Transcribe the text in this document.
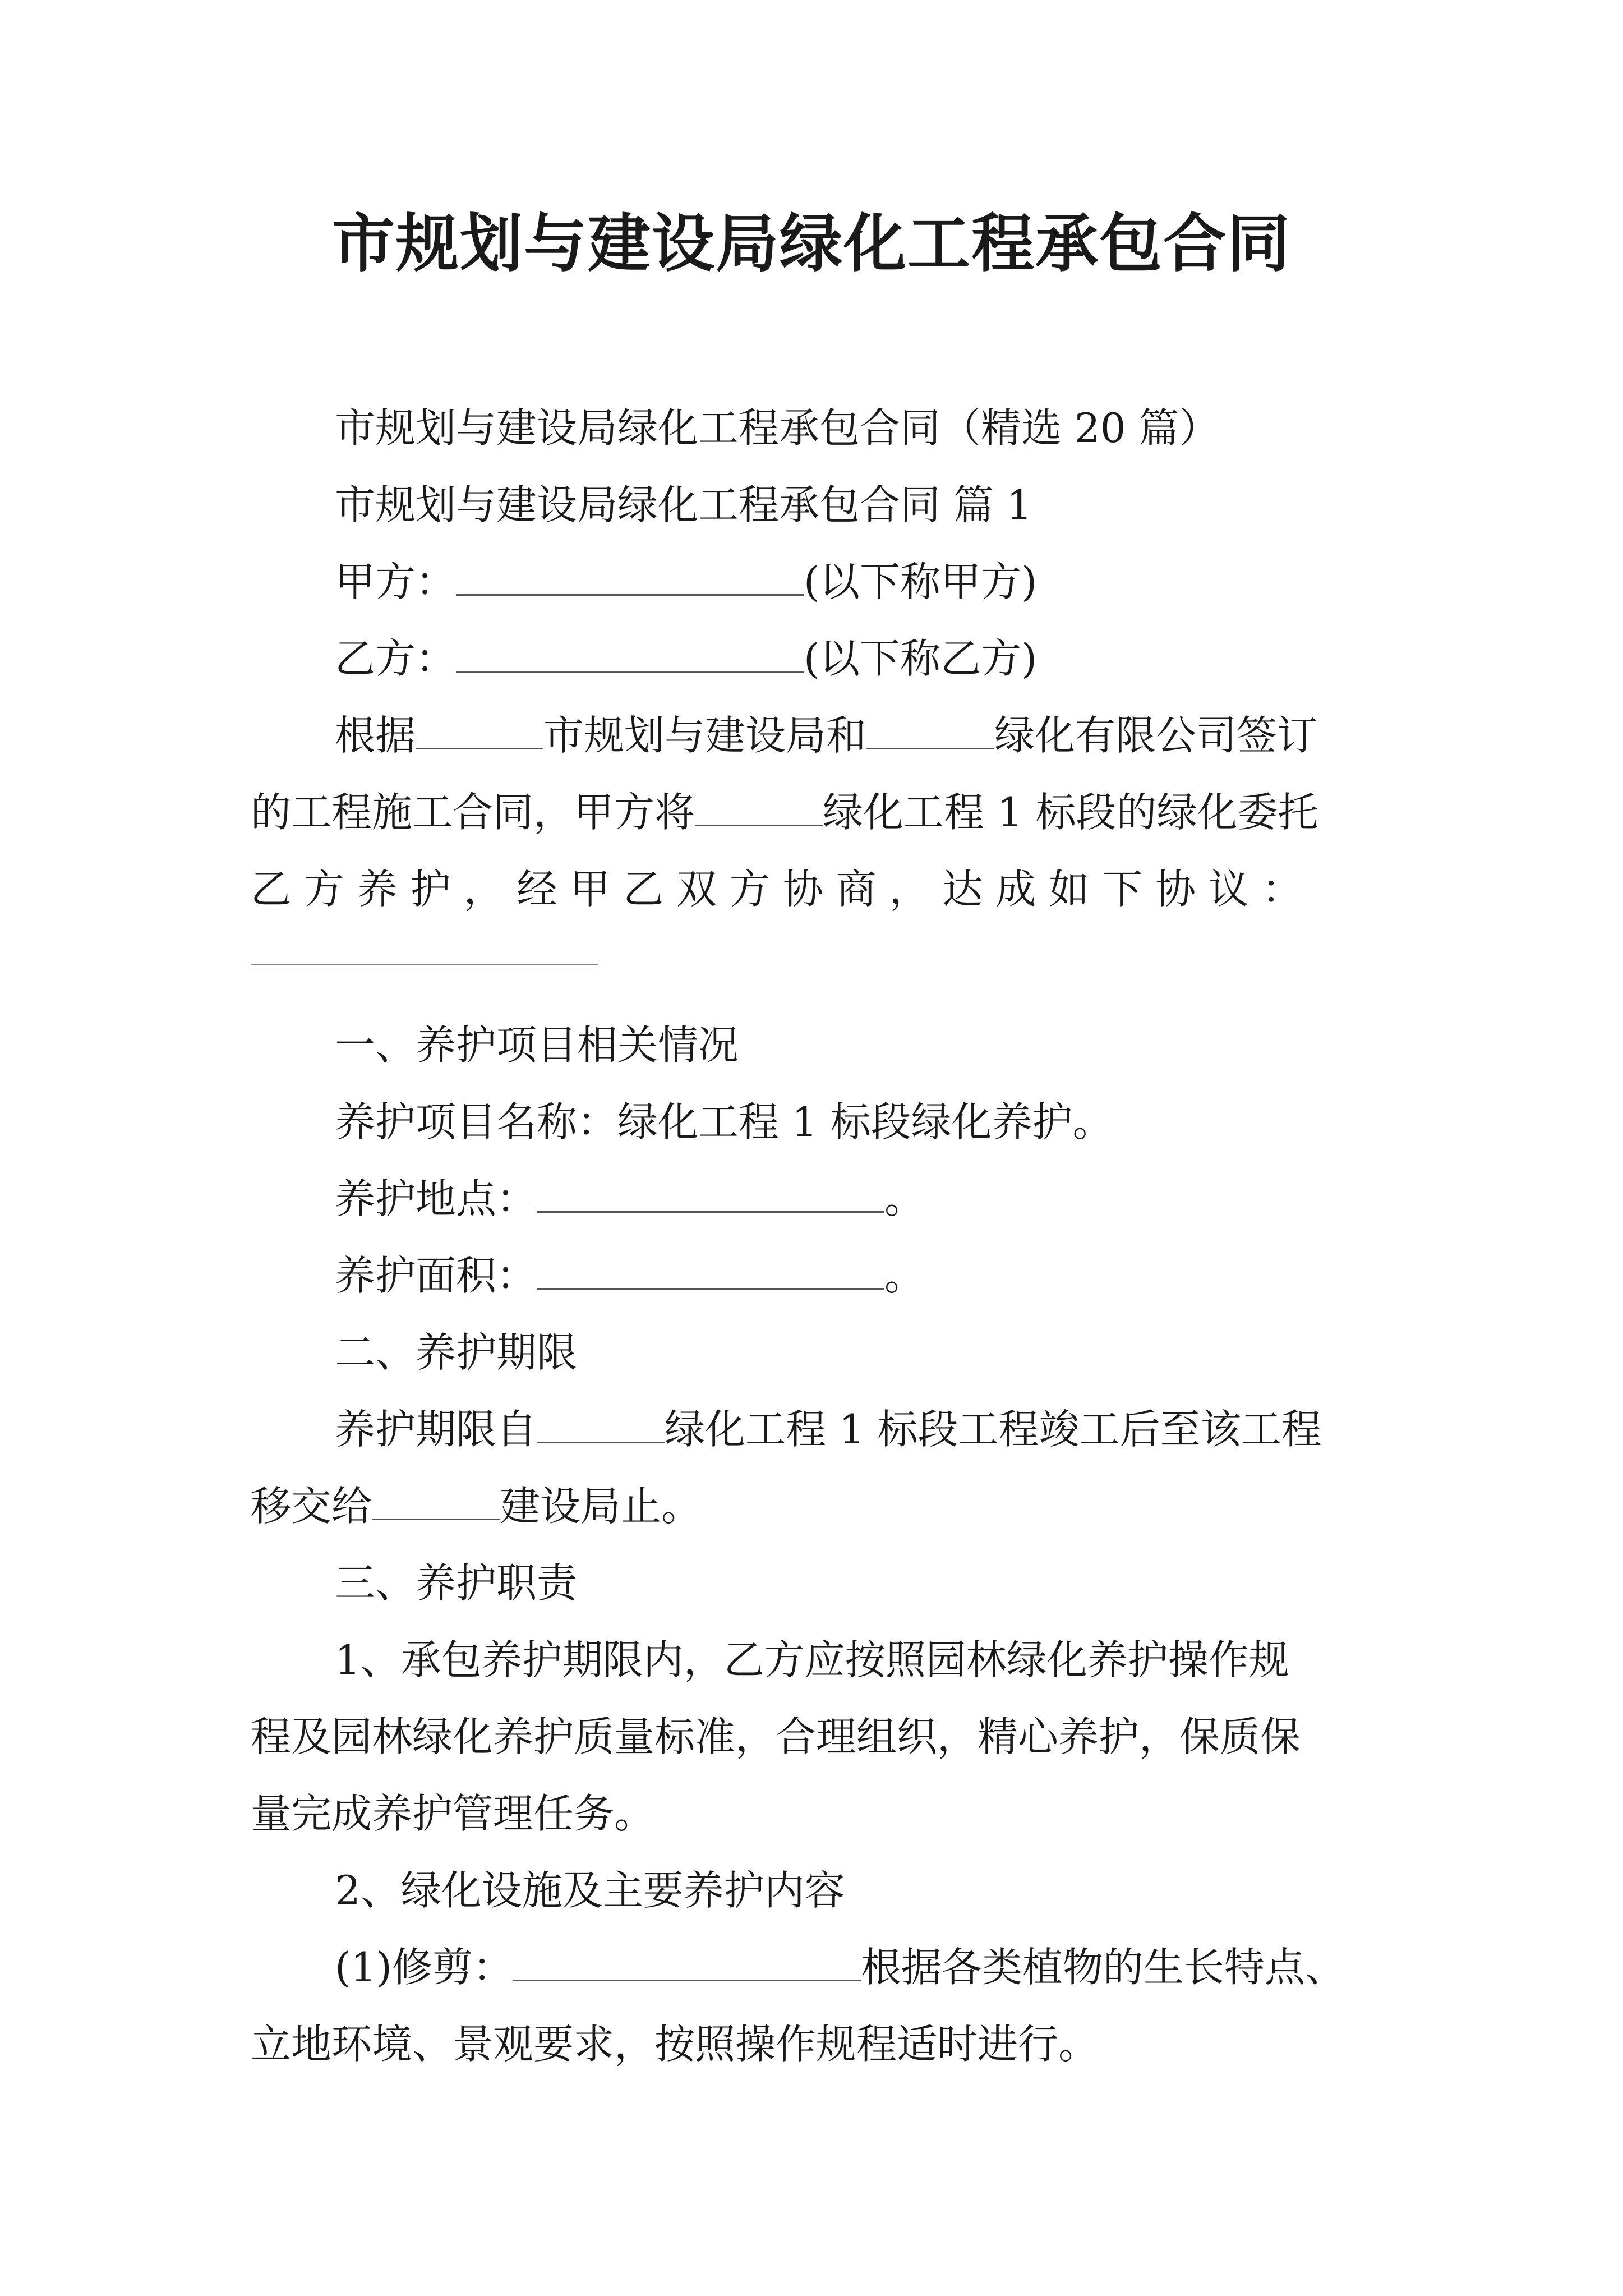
市规划与建设局绿化工程承包合同
市规划与建设局绿化工程承包合同（精选 20 篇）
市规划与建设局绿化工程承包合同 篇 1
甲方：	(以下称甲方)
乙方：	(以下称乙方)
根据	市规划与建设局和	绿化有限公司签订
的工程施工合同，甲方将	绿化工程 1 标段的绿化委托
乙 方 养 护 ， 经 甲 乙 双 方 协 商 ， 达 成 如 下 协 议 ：
一、养护项目相关情况
养护项目名称：绿化工程 1 标段绿化养护。
养护地点：	。
养护面积：	。
二、养护期限
养护期限自	绿化工程 1 标段工程竣工后至该工程
移交给	建设局止。
三、养护职责
1、承包养护期限内，乙方应按照园林绿化养护操作规
程及园林绿化养护质量标准，合理组织，精心养护，保质保
量完成养护管理任务。
2、绿化设施及主要养护内容
(1)修剪：	根据各类植物的生长特点、
立地环境、景观要求，按照操作规程适时进行。
